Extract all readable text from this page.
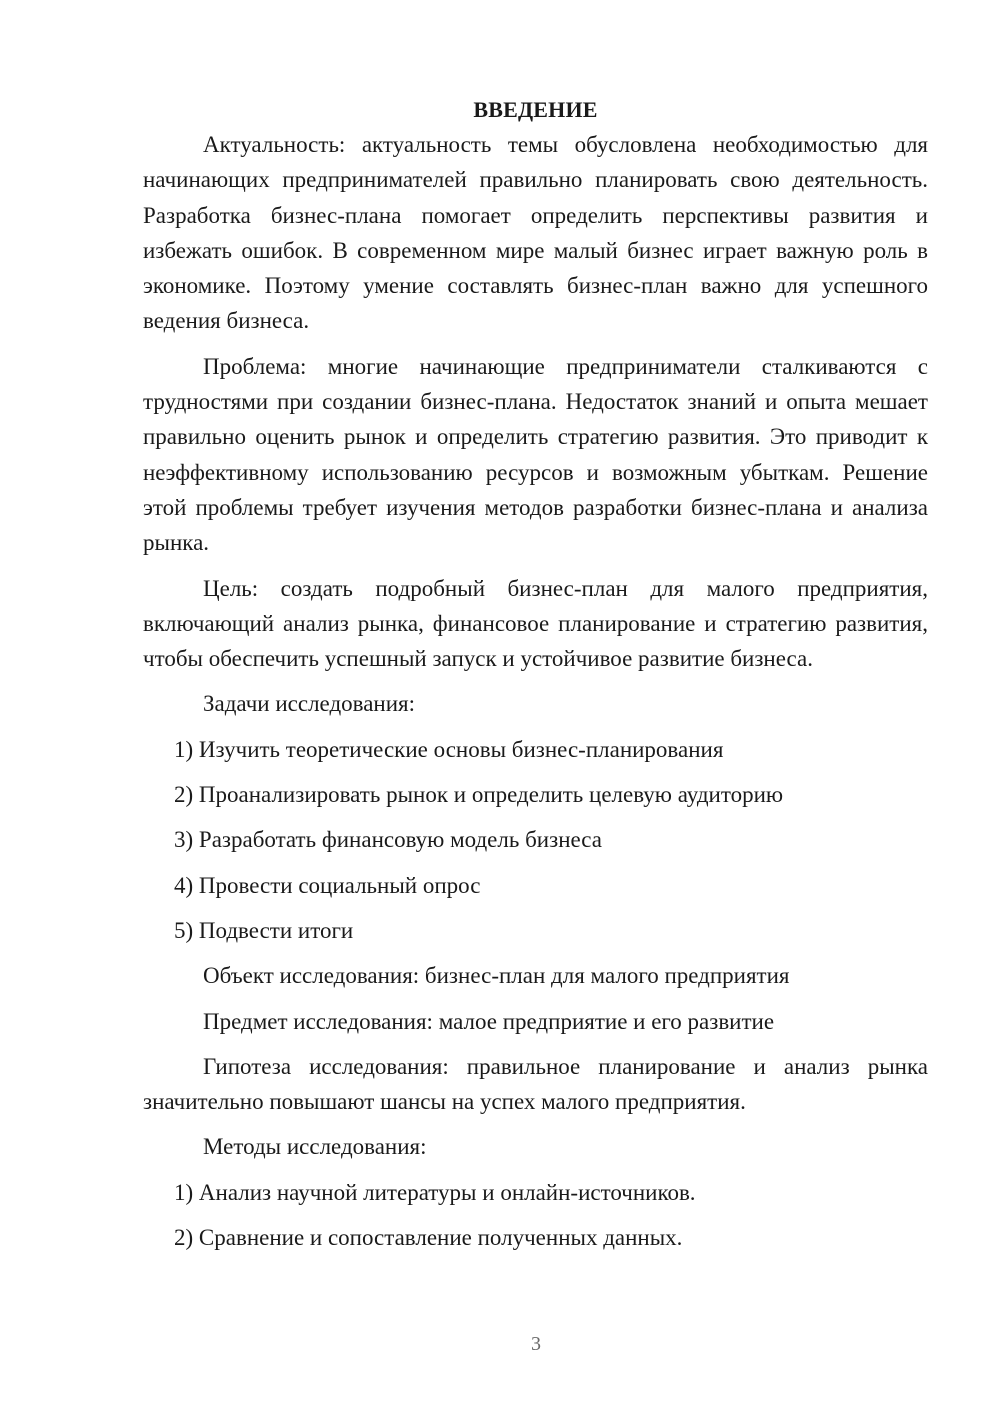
ВВЕДЕНИЕ

Актуальность: актуальность темы обусловлена необходимостью для начинающих предпринимателей правильно планировать свою деятельность. Разработка бизнес-плана помогает определить перспективы развития и избежать ошибок. В современном мире малый бизнес играет важную роль в экономике. Поэтому умение составлять бизнес-план важно для успешного ведения бизнеса.

Проблема: многие начинающие предприниматели сталкиваются с трудностями при создании бизнес-плана. Недостаток знаний и опыта мешает правильно оценить рынок и определить стратегию развития. Это приводит к неэффективному использованию ресурсов и возможным убыткам. Решение этой проблемы требует изучения методов разработки бизнес-плана и анализа рынка.

Цель: создать подробный бизнес-план для малого предприятия, включающий анализ рынка, финансовое планирование и стратегию развития, чтобы обеспечить успешный запуск и устойчивое развитие бизнеса.

Задачи исследования:

1) Изучить теоретические основы бизнес-планирования

2) Проанализировать рынок и определить целевую аудиторию

3) Разработать финансовую модель бизнеса

4) Провести социальный опрос

5) Подвести итоги

Объект исследования: бизнес-план для малого предприятия

Предмет исследования: малое предприятие и его развитие

Гипотеза исследования: правильное планирование и анализ рынка значительно повышают шансы на успех малого предприятия.

Методы исследования:

1) Анализ научной литературы и онлайн-источников.

2) Сравнение и сопоставление полученных данных.

3
